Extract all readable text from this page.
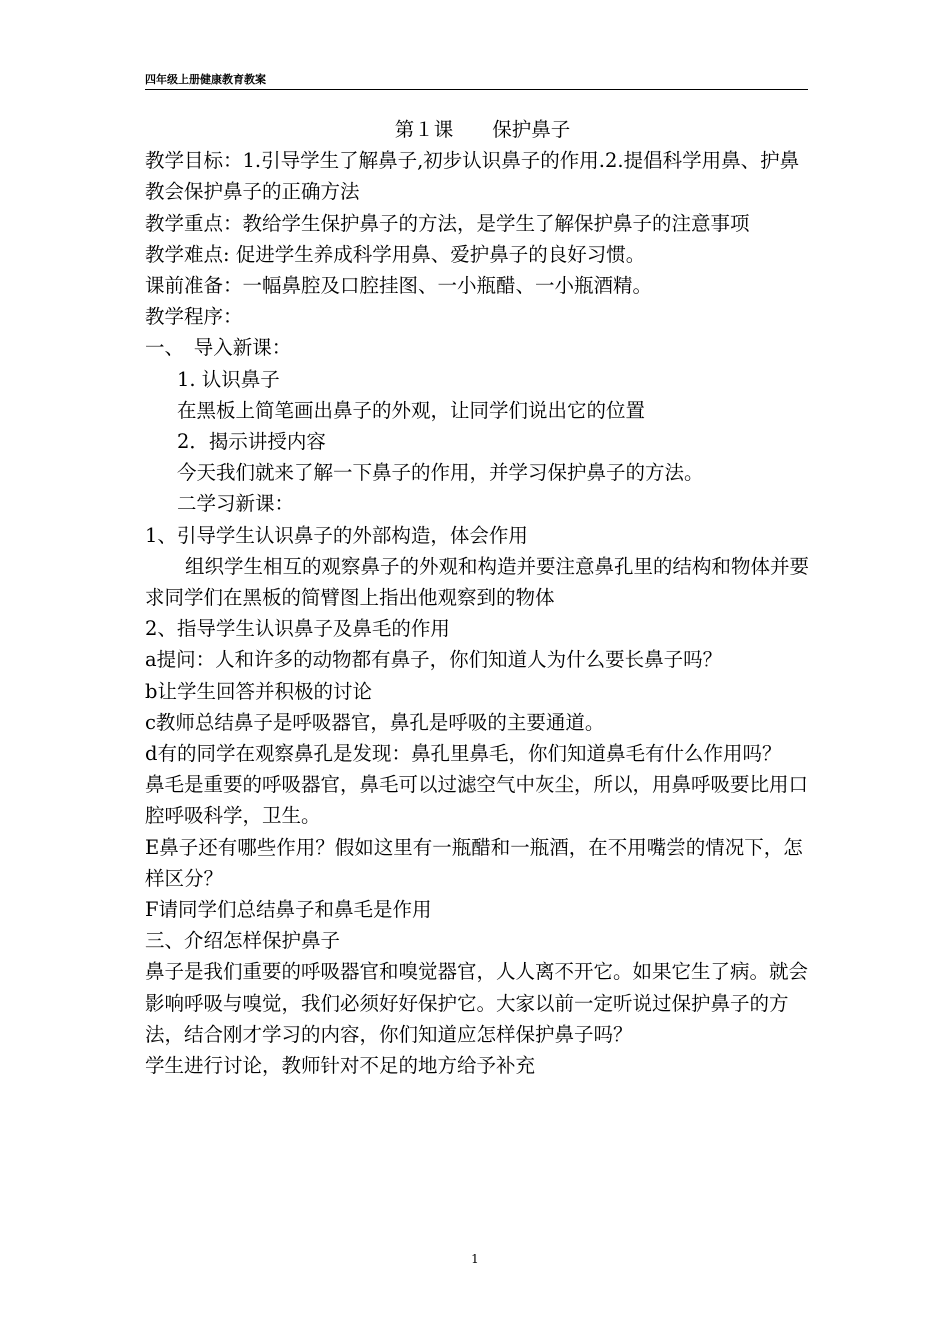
四年级上册健康教育教案

第１课　　保护鼻子

教学目标：1.引导学生了解鼻子,初步认识鼻子的作用.2.提倡科学用鼻、护鼻教会保护鼻子的正确方法

教学重点：教给学生保护鼻子的方法，是学生了解保护鼻子的注意事项

教学难点: 促进学生养成科学用鼻、爱护鼻子的良好习惯。

课前准备：一幅鼻腔及口腔挂图、一小瓶醋、一小瓶酒精。

教学程序：

一、　导入新课：

1. 认识鼻子

在黑板上简笔画出鼻子的外观，让同学们说出它的位置

2．揭示讲授内容

今天我们就来了解一下鼻子的作用，并学习保护鼻子的方法。

二学习新课：

1、引导学生认识鼻子的外部构造，体会作用

组织学生相互的观察鼻子的外观和构造并要注意鼻孔里的结构和物体并要求同学们在黑板的简臂图上指出他观察到的物体

2、指导学生认识鼻子及鼻毛的作用

a提问：人和许多的动物都有鼻子，你们知道人为什么要长鼻子吗？

b让学生回答并积极的讨论

c教师总结鼻子是呼吸器官，鼻孔是呼吸的主要通道。

d有的同学在观察鼻孔是发现：鼻孔里鼻毛，你们知道鼻毛有什么作用吗？

鼻毛是重要的呼吸器官，鼻毛可以过滤空气中灰尘，所以，用鼻呼吸要比用口腔呼吸科学，卫生。

E鼻子还有哪些作用？假如这里有一瓶醋和一瓶酒，在不用嘴尝的情况下，怎样区分？

F请同学们总结鼻子和鼻毛是作用

三、介绍怎样保护鼻子

鼻子是我们重要的呼吸器官和嗅觉器官，人人离不开它。如果它生了病。就会影响呼吸与嗅觉，我们必须好好保护它。大家以前一定听说过保护鼻子的方法，结合刚才学习的内容，你们知道应怎样保护鼻子吗？

学生进行讨论，教师针对不足的地方给予补充

1
